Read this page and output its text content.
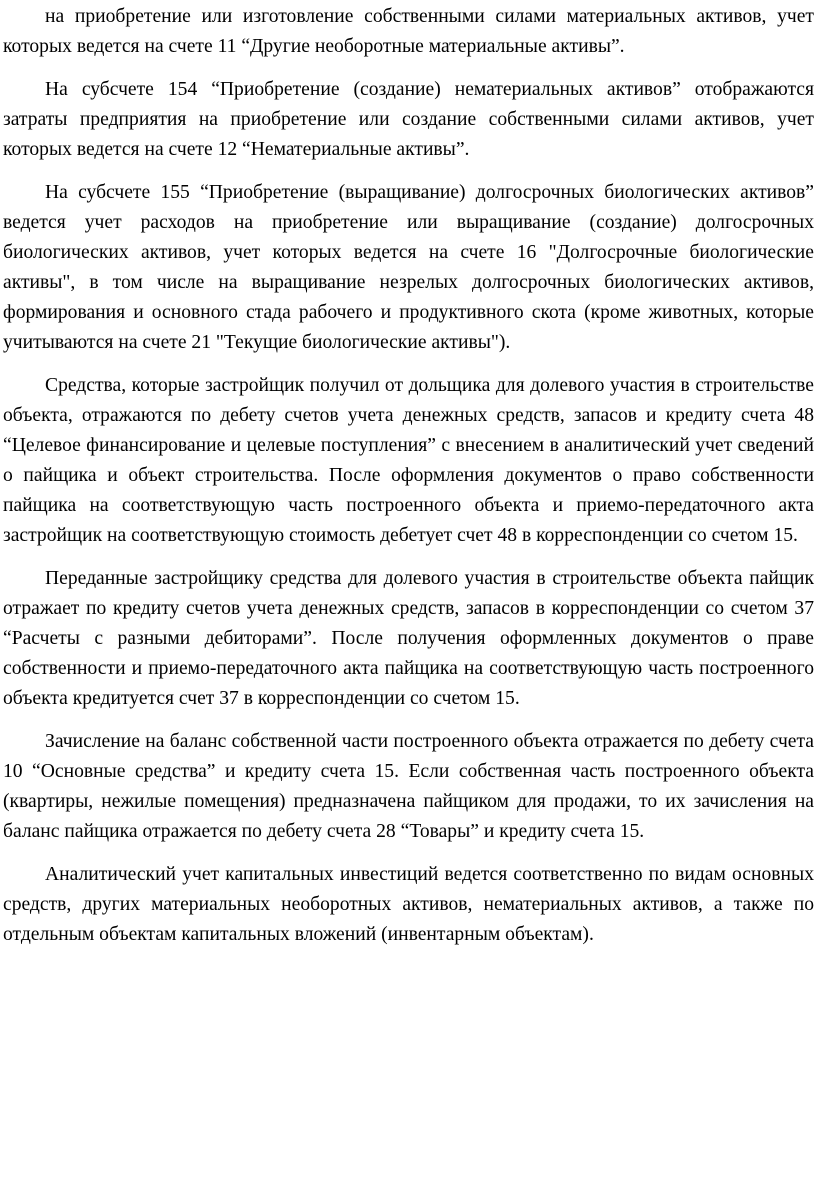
на приобретение или изготовление собственными силами материальных активов, учет которых ведется на счете 11 “Другие необоротные материальные активы”.

На субсчете 154 “Приобретение (создание) нематериальных активов” отображаются затраты предприятия на приобретение или создание собственными силами активов, учет которых ведется на счете 12 “Нематериальные активы”.

На субсчете 155 “Приобретение (выращивание) долгосрочных биологических активов” ведется учет расходов на приобретение или выращивание (создание) долгосрочных биологических активов, учет которых ведется на счете 16 "Долгосрочные биологические активы", в том числе на выращивание незрелых долгосрочных биологических активов, формирования и основного стада рабочего и продуктивного скота (кроме животных, которые учитываются на счете 21 "Текущие биологические активы").

Средства, которые застройщик получил от дольщика для долевого участия в строительстве объекта, отражаются по дебету счетов учета денежных средств, запасов и кредиту счета 48 “Целевое финансирование и целевые поступления” с внесением в аналитический учет сведений о пайщика и объект строительства. После оформления документов о право собственности пайщика на соответствующую часть построенного объекта и приемо-передаточного акта застройщик на соответствующую стоимость дебетует счет 48 в корреспонденции со счетом 15.

Переданные застройщику средства для долевого участия в строительстве объекта пайщик отражает по кредиту счетов учета денежных средств, запасов в корреспонденции со счетом 37 “Расчеты с разными дебиторами”. После получения оформленных документов о праве собственности и приемо-передаточного акта пайщика на соответствующую часть построенного объекта кредитуется счет 37 в корреспонденции со счетом 15.

Зачисление на баланс собственной части построенного объекта отражается по дебету счета 10 “Основные средства” и кредиту счета 15. Если собственная часть построенного объекта (квартиры, нежилые помещения) предназначена пайщиком для продажи, то их зачисления на баланс пайщика отражается по дебету счета 28 “Товары” и кредиту счета 15.

Аналитический учет капитальных инвестиций ведется соответственно по видам основных средств, других материальных необоротных активов, нематериальных активов, а также по отдельным объектам капитальных вложений (инвентарным объектам).
